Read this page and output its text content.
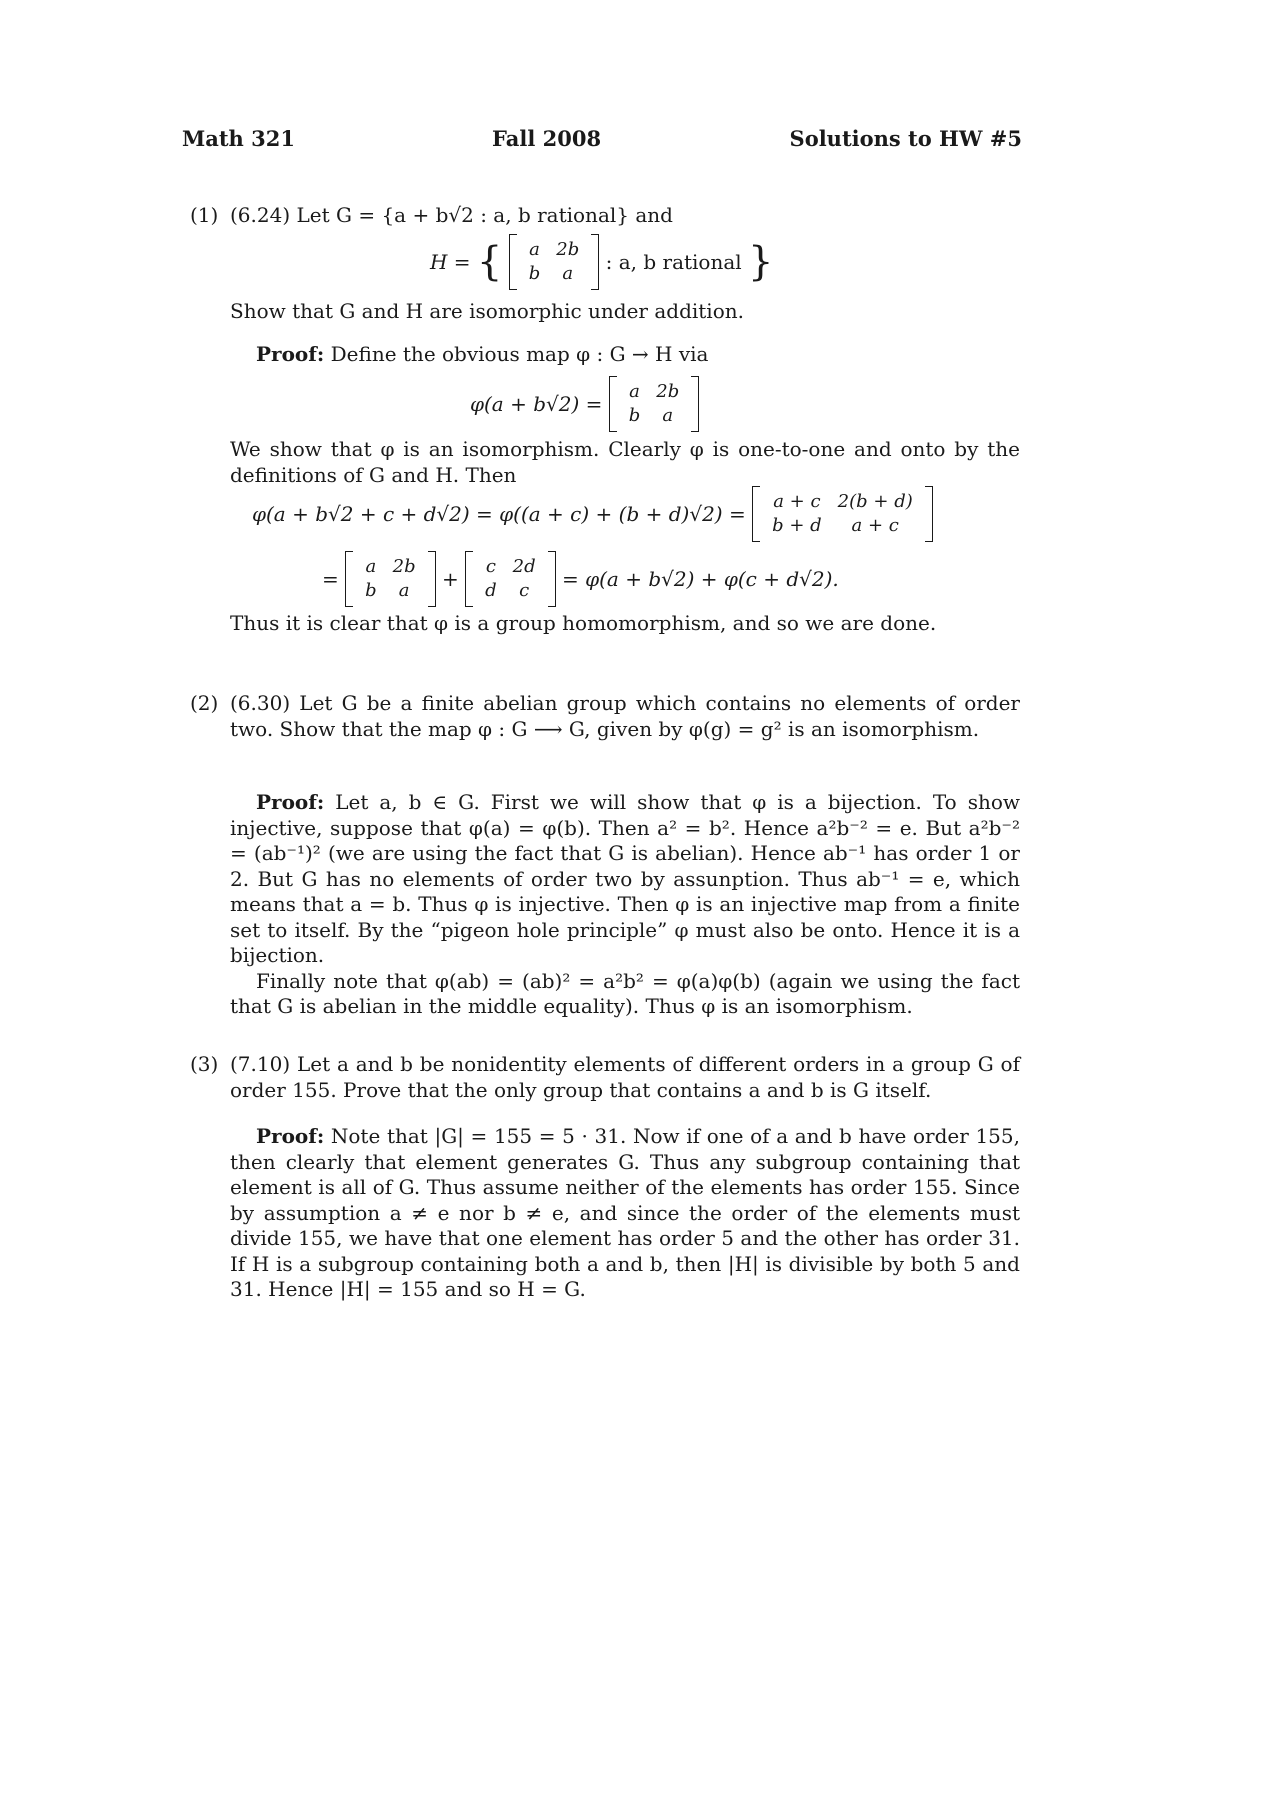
Math 321	Fall 2008	Solutions to HW #5
(1) (6.24) Let G = {a + b√2 : a, b rational} and
H = { a	2b
b	a : a, b rational }
Show that G and H are isomorphic under addition.
Proof: Define the obvious map φ : G → H via
φ(a + b√2) =
a	2b
b	a
We show that φ is an isomorphism. Clearly φ is one-to-one and onto by the definitions of G and H. Then
φ(a + b√2 + c + d√2) = φ((a + c) + (b + d)√2) =
a + c	2(b + d)
b + d	a + c
=
a	2b
b	a +
c	2d
d	c = φ(a + b√2) + φ(c + d√2).
Thus it is clear that φ is a group homomorphism, and so we are done.
(2) (6.30) Let G be a finite abelian group which contains no elements of order two. Show that the map φ : G ⟶ G, given by φ(g) = g² is an isomorphism.
Proof: Let a, b ∈ G. First we will show that φ is a bijection. To show injective, suppose that φ(a) = φ(b). Then a² = b². Hence a²b⁻² = e. But a²b⁻² = (ab⁻¹)² (we are using the fact that G is abelian). Hence ab⁻¹ has order 1 or 2. But G has no elements of order two by assunption. Thus ab⁻¹ = e, which means that a = b. Thus φ is injective. Then φ is an injective map from a finite set to itself. By the “pigeon hole principle” φ must also be onto. Hence it is a bijection.
Finally note that φ(ab) = (ab)² = a²b² = φ(a)φ(b) (again we using the fact that G is abelian in the middle equality). Thus φ is an isomorphism.
(3) (7.10) Let a and b be nonidentity elements of different orders in a group G of order 155. Prove that the only group that contains a and b is G itself.
Proof: Note that |G| = 155 = 5 · 31. Now if one of a and b have order 155, then clearly that element generates G. Thus any subgroup containing that element is all of G. Thus assume neither of the elements has order 155. Since by assumption a ≠ e nor b ≠ e, and since the order of the elements must divide 155, we have that one element has order 5 and the other has order 31. If H is a subgroup containing both a and b, then |H| is divisible by both 5 and 31. Hence |H| = 155 and so H = G.
